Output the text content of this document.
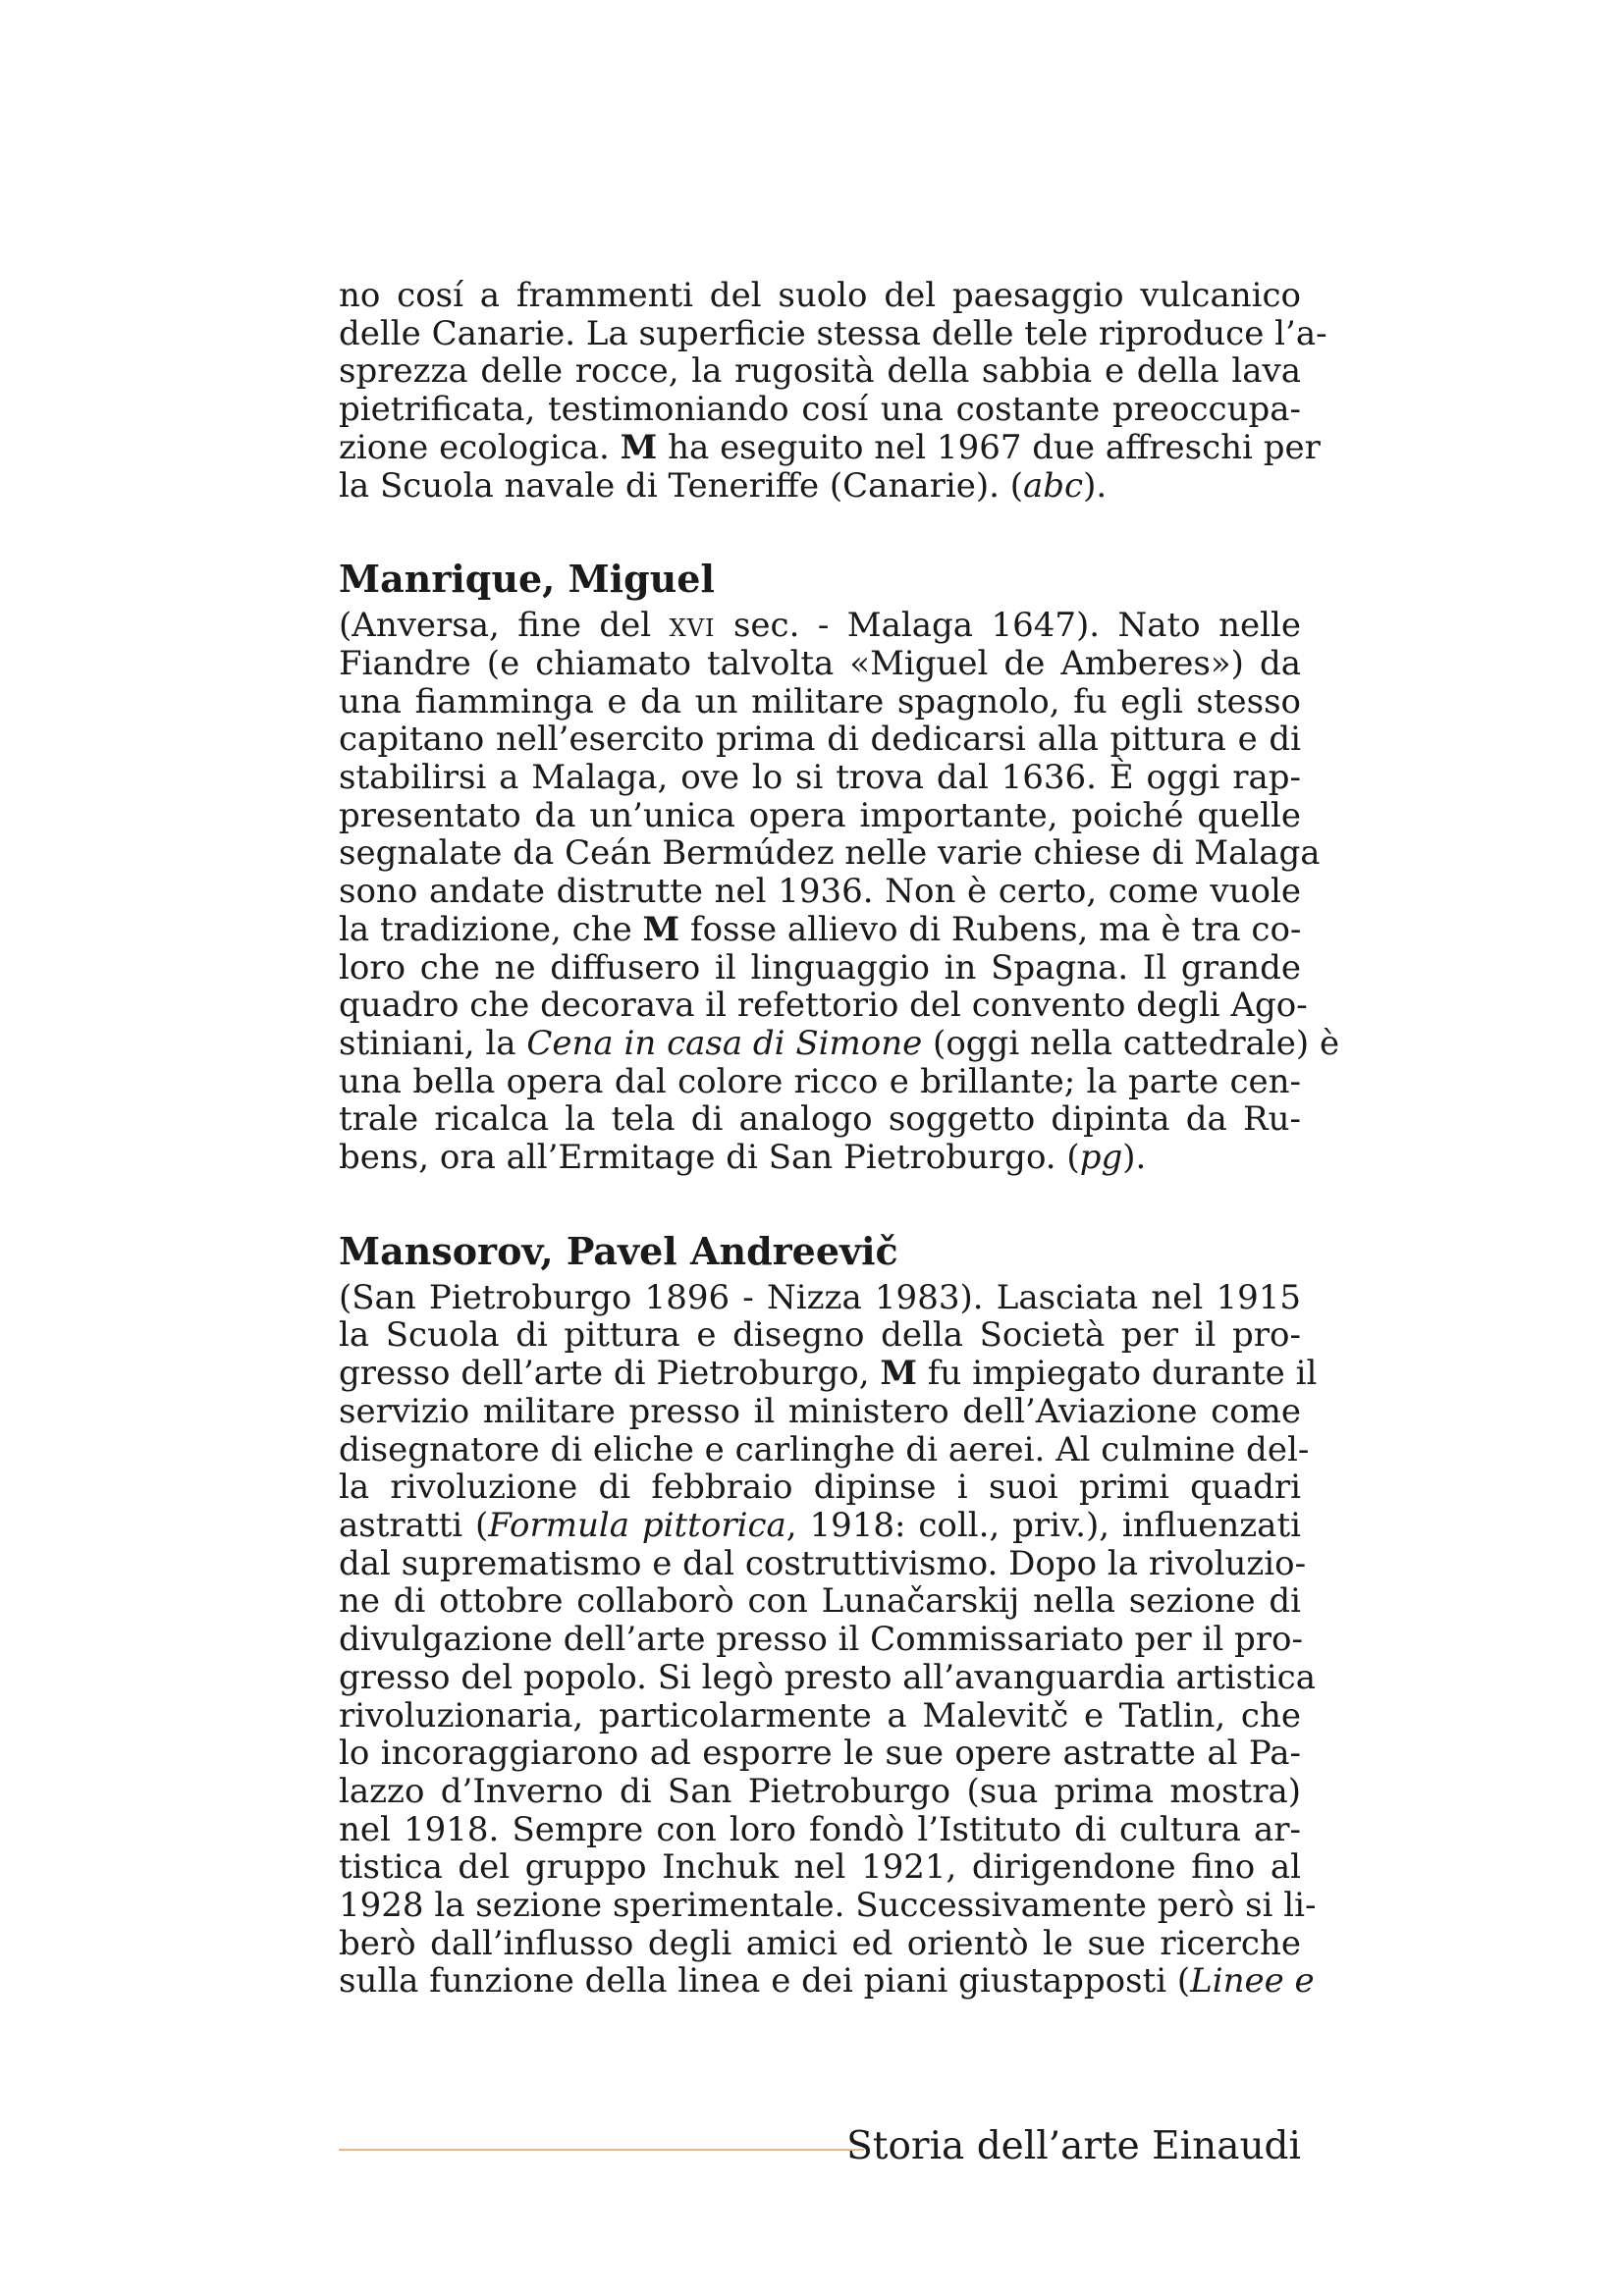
no cosí a frammenti del suolo del paesaggio vulcanico
delle Canarie. La superficie stessa delle tele riproduce l’a-
sprezza delle rocce, la rugosità della sabbia e della lava
pietrificata, testimoniando cosí una costante preoccupa-
zione ecologica. M ha eseguito nel 1967 due affreschi per
la Scuola navale di Teneriffe (Canarie). (abc).
Manrique, Miguel
(Anversa, fine del xvi sec. - Malaga 1647). Nato nelle
Fiandre (e chiamato talvolta «Miguel de Amberes») da
una fiamminga e da un militare spagnolo, fu egli stesso
capitano nell’esercito prima di dedicarsi alla pittura e di
stabilirsi a Malaga, ove lo si trova dal 1636. È oggi rap-
presentato da un’unica opera importante, poiché quelle
segnalate da Ceán Bermúdez nelle varie chiese di Malaga
sono andate distrutte nel 1936. Non è certo, come vuole
la tradizione, che M fosse allievo di Rubens, ma è tra co-
loro che ne diffusero il linguaggio in Spagna. Il grande
quadro che decorava il refettorio del convento degli Ago-
stiniani, la Cena in casa di Simone (oggi nella cattedrale) è
una bella opera dal colore ricco e brillante; la parte cen-
trale ricalca la tela di analogo soggetto dipinta da Ru-
bens, ora all’Ermitage di San Pietroburgo. (pg).
Mansorov, Pavel Andreevič
(San Pietroburgo 1896 - Nizza 1983). Lasciata nel 1915
la Scuola di pittura e disegno della Società per il pro-
gresso dell’arte di Pietroburgo, M fu impiegato durante il
servizio militare presso il ministero dell’Aviazione come
disegnatore di eliche e carlinghe di aerei. Al culmine del-
la rivoluzione di febbraio dipinse i suoi primi quadri
astratti (Formula pittorica, 1918: coll., priv.), influenzati
dal suprematismo e dal costruttivismo. Dopo la rivoluzio-
ne di ottobre collaborò con Lunačarskij nella sezione di
divulgazione dell’arte presso il Commissariato per il pro-
gresso del popolo. Si legò presto all’avanguardia artistica
rivoluzionaria, particolarmente a Malevitč e Tatlin, che
lo incoraggiarono ad esporre le sue opere astratte al Pa-
lazzo d’Inverno di San Pietroburgo (sua prima mostra)
nel 1918. Sempre con loro fondò l’Istituto di cultura ar-
tistica del gruppo Inchuk nel 1921, dirigendone fino al
1928 la sezione sperimentale. Successivamente però si li-
berò dall’influsso degli amici ed orientò le sue ricerche
sulla funzione della linea e dei piani giustapposti (Linee e
Storia dell’arte Einaudi
